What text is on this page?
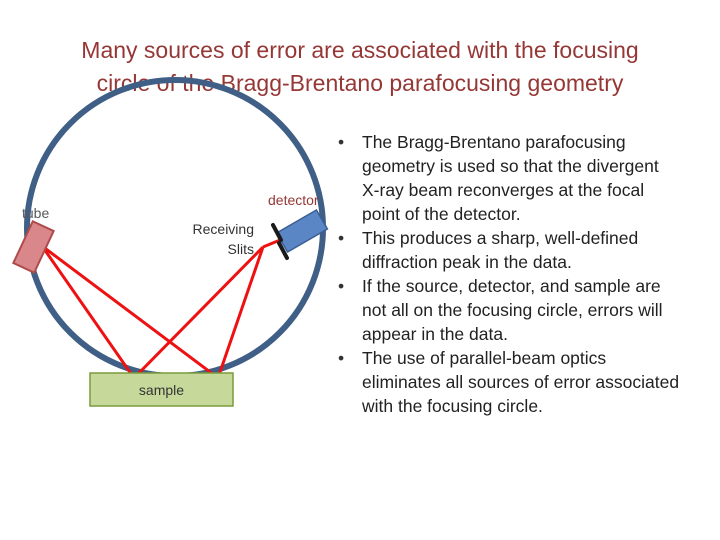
Many sources of error are associated with the focusing
circle of the Bragg-Brentano parafocusing geometry
tube
detector
Receiving
Slits
sample
• The Bragg-Brentano parafocusing geometry is used so that the divergent X-ray beam reconverges at the focal point of the detector.
• This produces a sharp, well-defined diffraction peak in the data.
• If the source, detector, and sample are not all on the focusing circle, errors will appear in the data.
• The use of parallel-beam optics eliminates all sources of error associated with the focusing circle.
